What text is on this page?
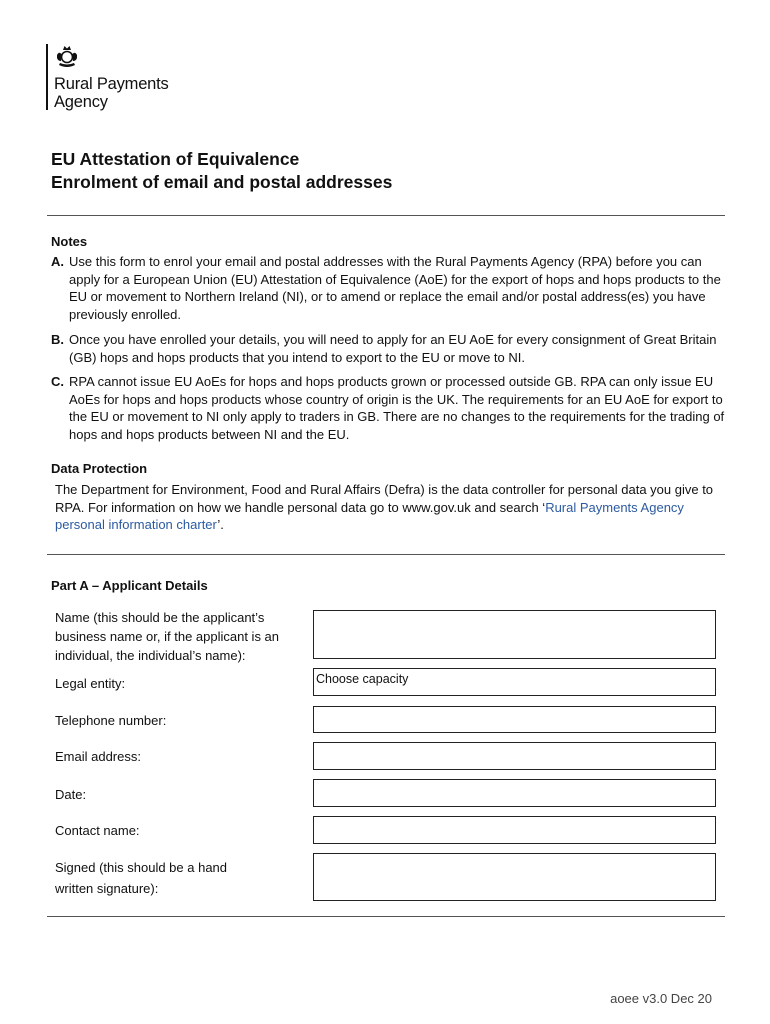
Rural Payments
Agency
EU Attestation of Equivalence
Enrolment of email and postal addresses
Notes
A. Use this form to enrol your email and postal addresses with the Rural Payments Agency (RPA) before you can apply for a European Union (EU) Attestation of Equivalence (AoE) for the export of hops and hops products to the EU or movement to Northern Ireland (NI), or to amend or replace the email and/or postal address(es) you have previously enrolled.
B. Once you have enrolled your details, you will need to apply for an EU AoE for every consignment of Great Britain (GB) hops and hops products that you intend to export to the EU or move to NI.
C. RPA cannot issue EU AoEs for hops and hops products grown or processed outside GB. RPA can only issue EU AoEs for hops and hops products whose country of origin is the UK. The requirements for an EU AoE for export to the EU or movement to NI only apply to traders in GB. There are no changes to the requirements for the trading of hops and hops products between NI and the EU.
Data Protection
The Department for Environment, Food and Rural Affairs (Defra) is the data controller for personal data you give to RPA. For information on how we handle personal data go to www.gov.uk and search ‘Rural Payments Agency personal information charter’.
Part A – Applicant Details
Name (this should be the applicant’s business name or, if the applicant is an individual, the individual’s name):
Legal entity:	Choose capacity
Telephone number:
Email address:
Date:
Contact name:
Signed (this should be a hand written signature):
aoee v3.0 Dec 20
